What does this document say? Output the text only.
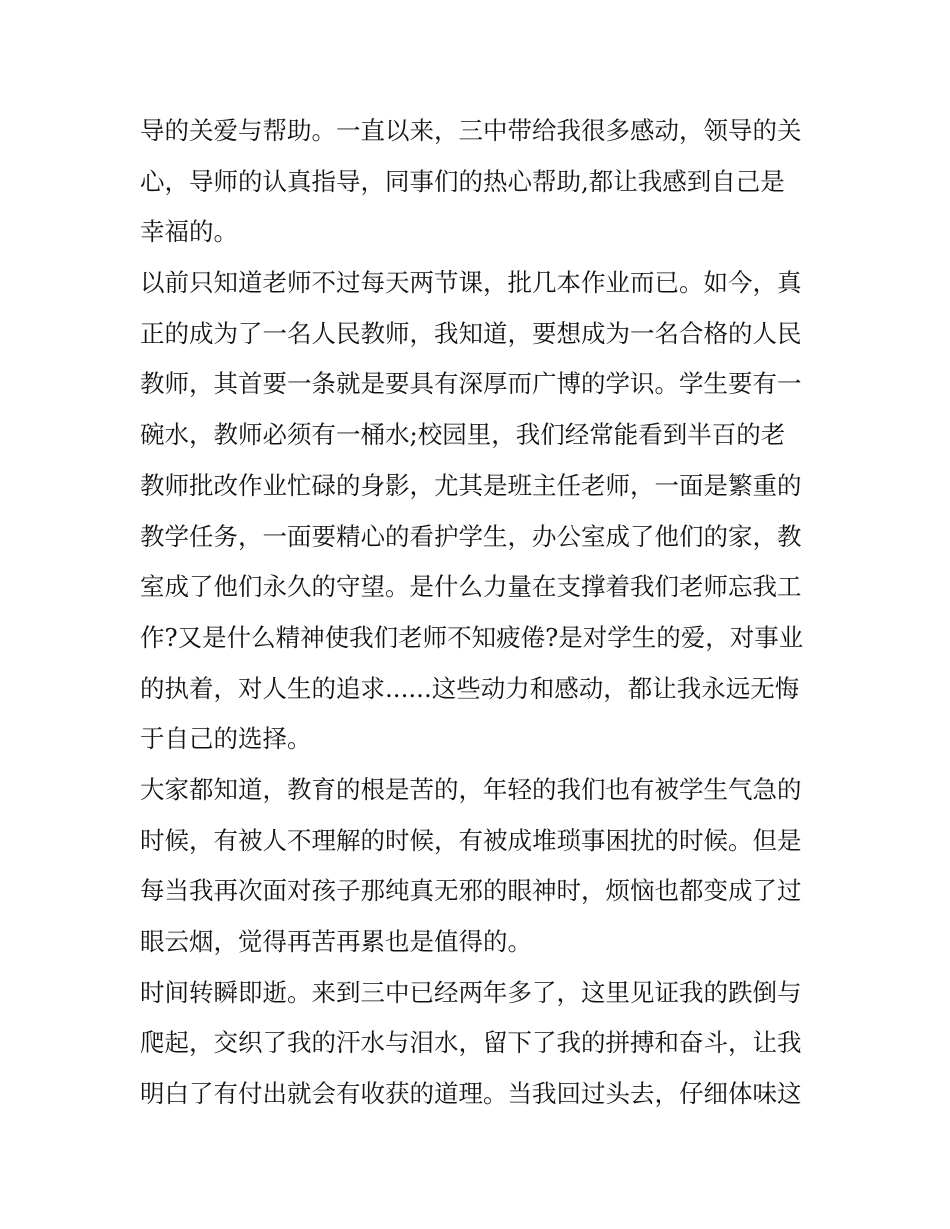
导的关爱与帮助。一直以来，三中带给我很多感动，领导的关
心，导师的认真指导，同事们的热心帮助,都让我感到自己是
幸福的。
以前只知道老师不过每天两节课，批几本作业而已。如今，真
正的成为了一名人民教师，我知道，要想成为一名合格的人民
教师，其首要一条就是要具有深厚而广博的学识。学生要有一
碗水，教师必须有一桶水;校园里，我们经常能看到半百的老
教师批改作业忙碌的身影，尤其是班主任老师，一面是繁重的
教学任务，一面要精心的看护学生，办公室成了他们的家，教
室成了他们永久的守望。是什么力量在支撑着我们老师忘我工
作?又是什么精神使我们老师不知疲倦?是对学生的爱，对事业
的执着，对人生的追求......这些动力和感动，都让我永远无悔
于自己的选择。
大家都知道，教育的根是苦的，年轻的我们也有被学生气急的
时候，有被人不理解的时候，有被成堆琐事困扰的时候。但是
每当我再次面对孩子那纯真无邪的眼神时，烦恼也都变成了过
眼云烟，觉得再苦再累也是值得的。
时间转瞬即逝。来到三中已经两年多了，这里见证我的跌倒与
爬起，交织了我的汗水与泪水，留下了我的拼搏和奋斗，让我
明白了有付出就会有收获的道理。当我回过头去，仔细体味这
